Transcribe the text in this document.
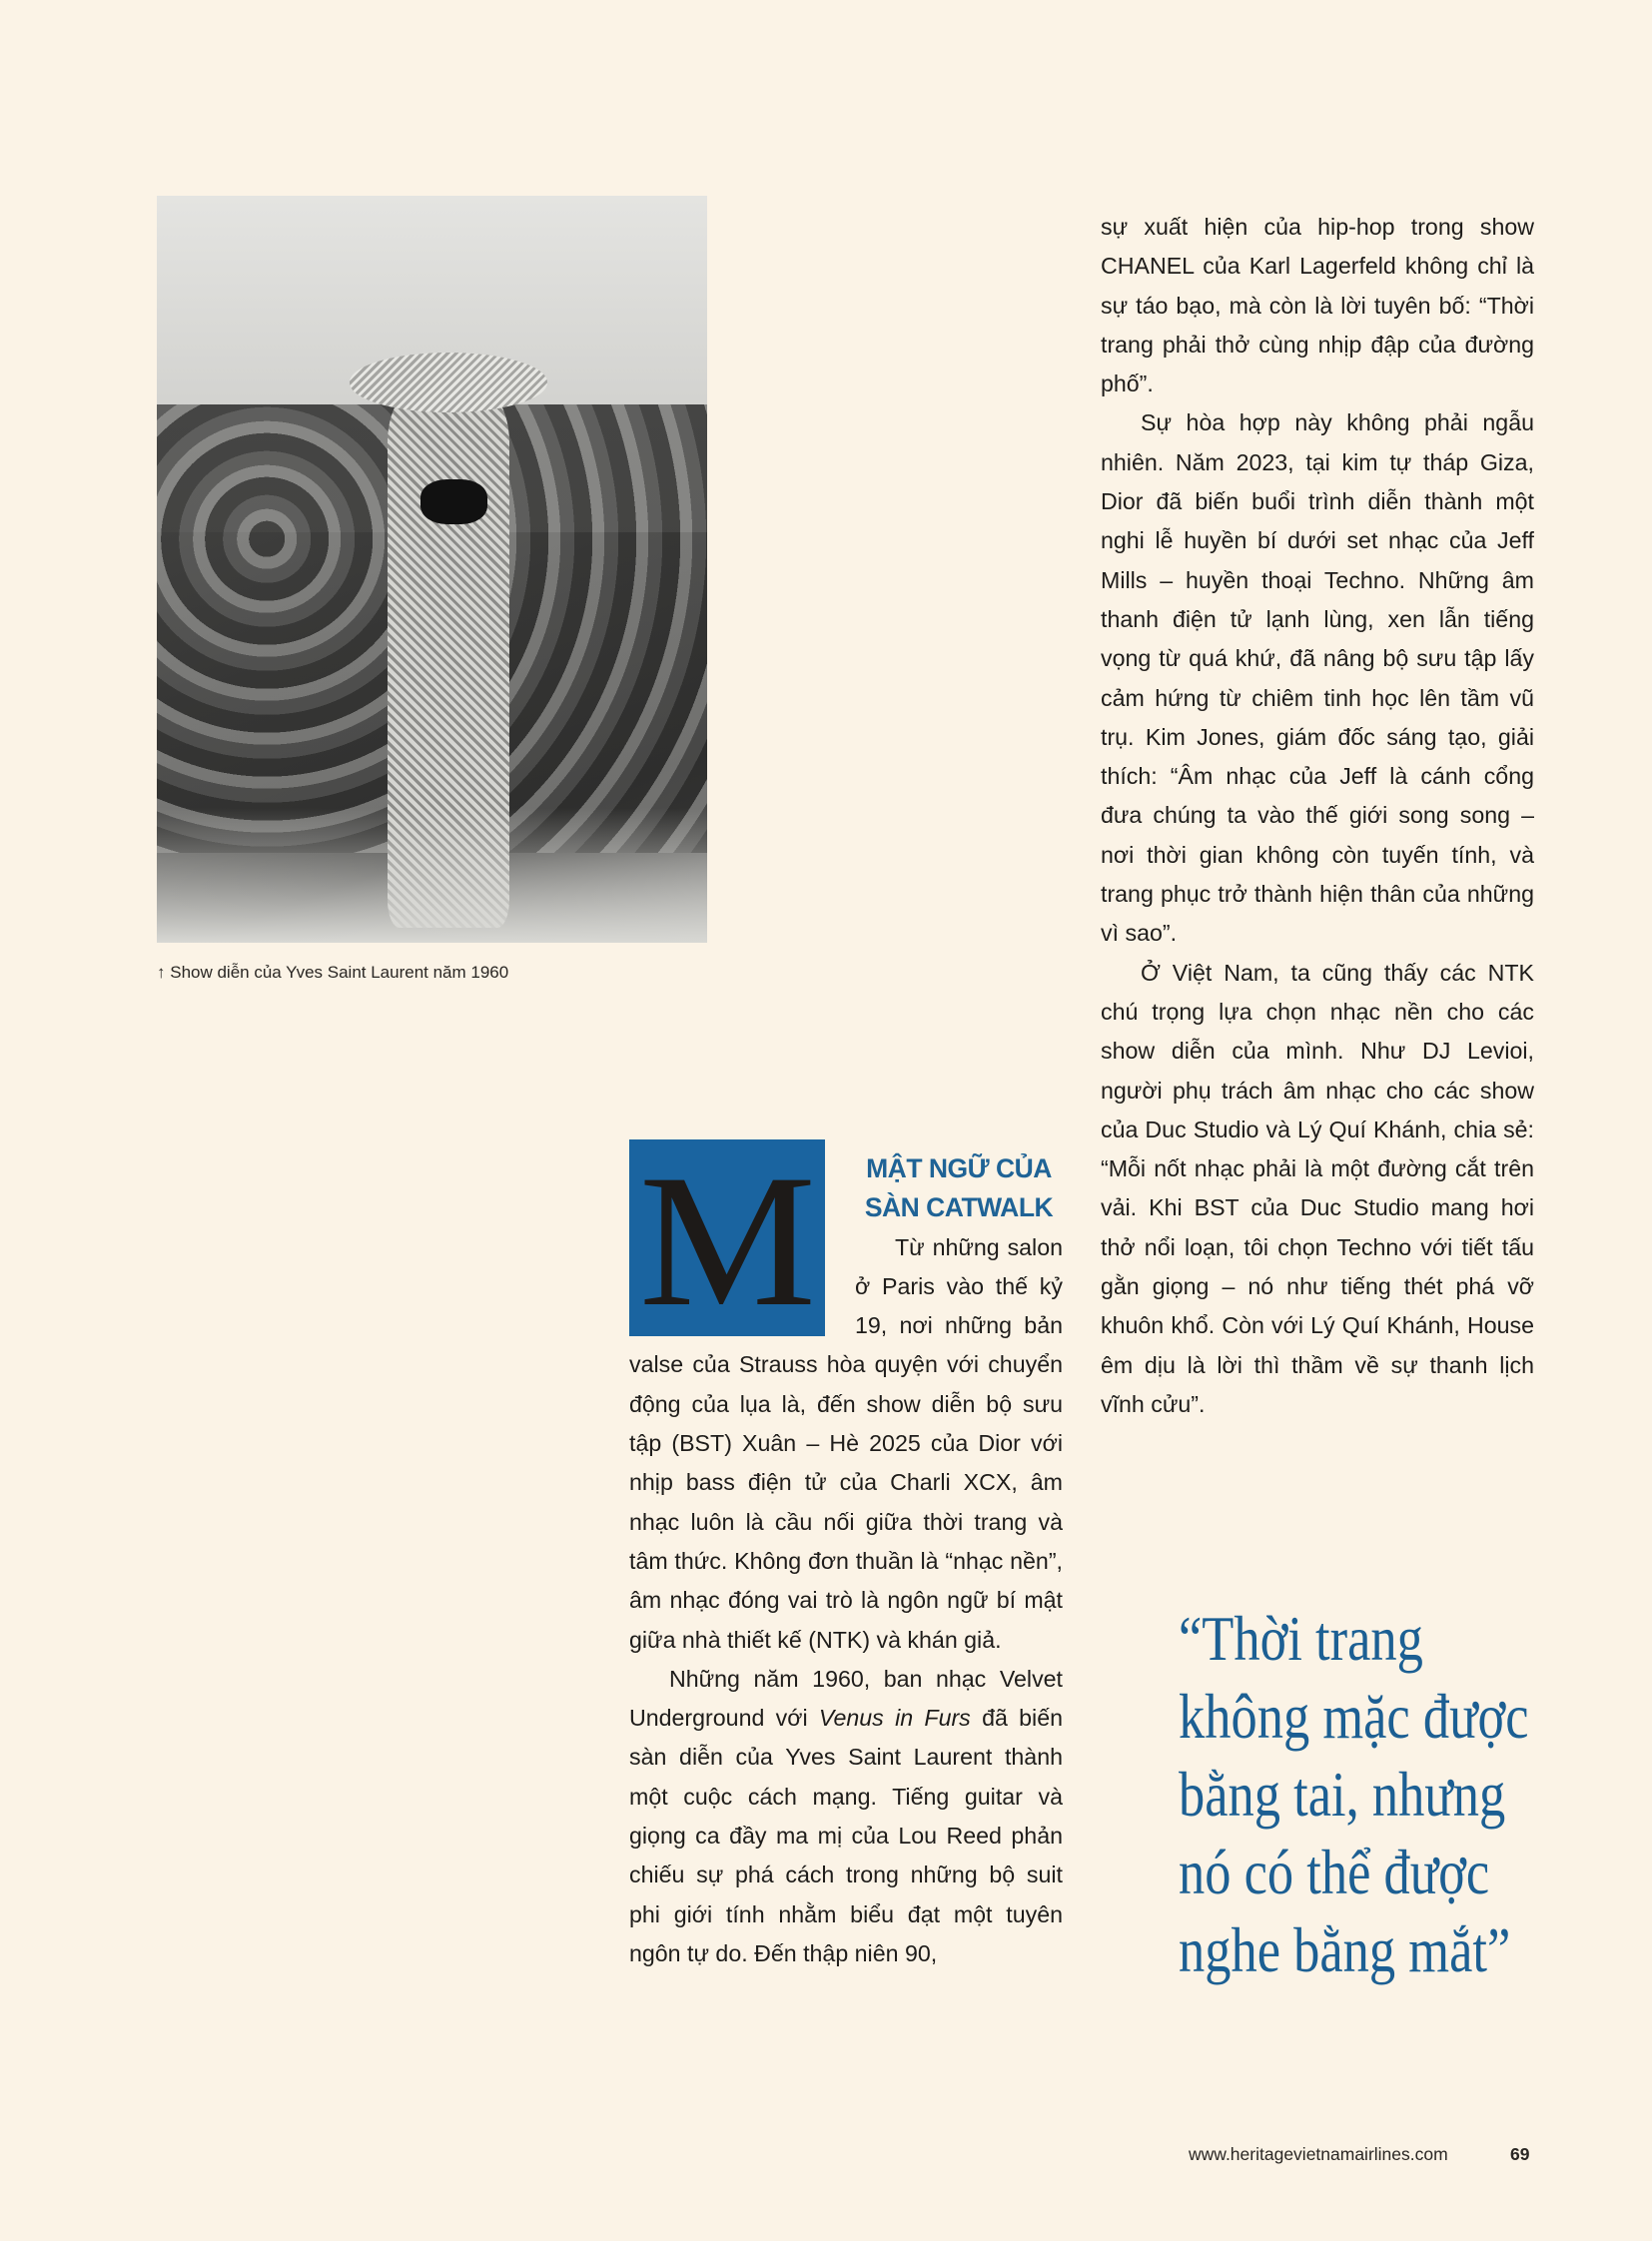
↑ Show diễn của Yves Saint Laurent năm 1960
M	MẬT NGỮ CỦA SÀN CATWALK

Từ những salon ở Paris vào thế kỷ 19, nơi những bản valse của Strauss hòa quyện với chuyển động của lụa là, đến show diễn bộ sưu tập (BST) Xuân – Hè 2025 của Dior với nhịp bass điện tử của Charli XCX, âm nhạc luôn là cầu nối giữa thời trang và tâm thức. Không đơn thuần là “nhạc nền”, âm nhạc đóng vai trò là ngôn ngữ bí mật giữa nhà thiết kế (NTK) và khán giả.

Những năm 1960, ban nhạc Velvet Underground với Venus in Furs đã biến sàn diễn của Yves Saint Laurent thành một cuộc cách mạng. Tiếng guitar và giọng ca đầy ma mị của Lou Reed phản chiếu sự phá cách trong những bộ suit phi giới tính nhằm biểu đạt một tuyên ngôn tự do. Đến thập niên 90,

sự xuất hiện của hip-hop trong show CHANEL của Karl Lagerfeld không chỉ là sự táo bạo, mà còn là lời tuyên bố: “Thời trang phải thở cùng nhịp đập của đường phố”.

Sự hòa hợp này không phải ngẫu nhiên. Năm 2023, tại kim tự tháp Giza, Dior đã biến buổi trình diễn thành một nghi lễ huyền bí dưới set nhạc của Jeff Mills – huyền thoại Techno. Những âm thanh điện tử lạnh lùng, xen lẫn tiếng vọng từ quá khứ, đã nâng bộ sưu tập lấy cảm hứng từ chiêm tinh học lên tầm vũ trụ. Kim Jones, giám đốc sáng tạo, giải thích: “Âm nhạc của Jeff là cánh cổng đưa chúng ta vào thế giới song song – nơi thời gian không còn tuyến tính, và trang phục trở thành hiện thân của những vì sao”.

Ở Việt Nam, ta cũng thấy các NTK chú trọng lựa chọn nhạc nền cho các show diễn của mình. Như DJ Levioi, người phụ trách âm nhạc cho các show của Duc Studio và Lý Quí Khánh, chia sẻ: “Mỗi nốt nhạc phải là một đường cắt trên vải. Khi BST của Duc Studio mang hơi thở nổi loạn, tôi chọn Techno với tiết tấu gằn giọng – nó như tiếng thét phá vỡ khuôn khổ. Còn với Lý Quí Khánh, House êm dịu là lời thì thầm về sự thanh lịch vĩnh cửu”.

“Thời trang
không mặc được
bằng tai, nhưng
nó có thể được
nghe bằng mắt”
www.heritagevietnamairlines.com	69
